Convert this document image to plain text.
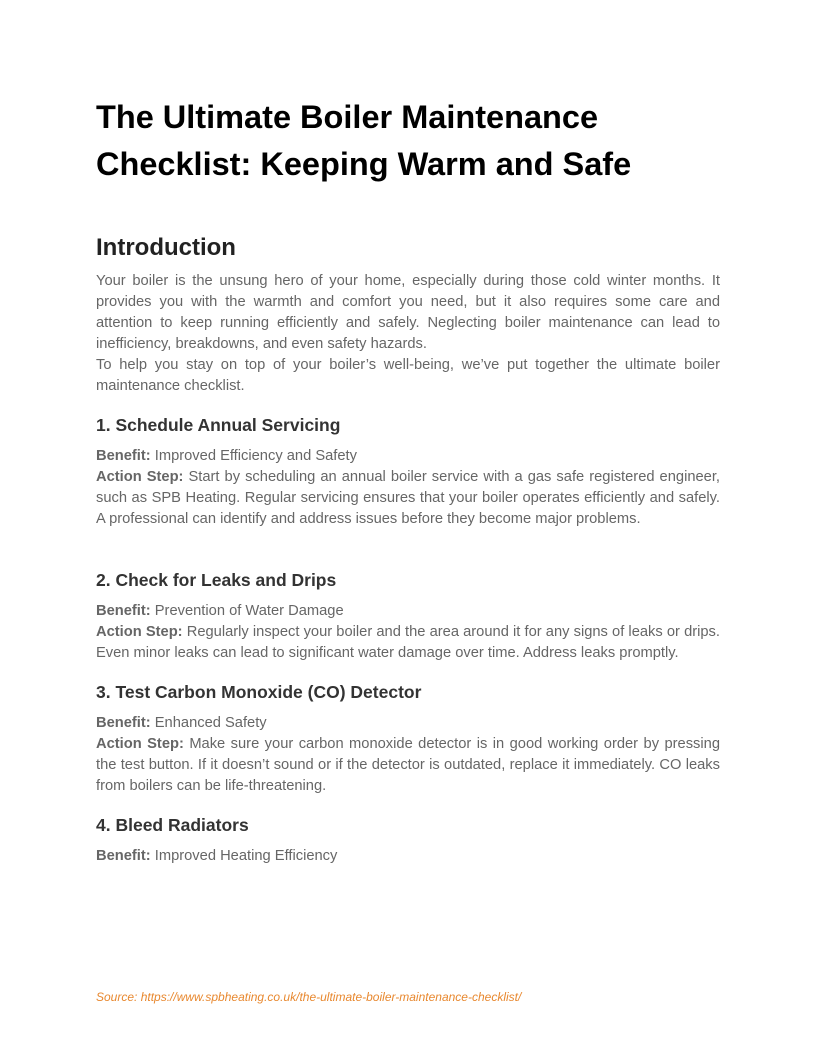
The Ultimate Boiler Maintenance Checklist: Keeping Warm and Safe
Introduction

Your boiler is the unsung hero of your home, especially during those cold winter months. It provides you with the warmth and comfort you need, but it also requires some care and attention to keep running efficiently and safely. Neglecting boiler maintenance can lead to inefficiency, breakdowns, and even safety hazards.

To help you stay on top of your boiler’s well-being, we’ve put together the ultimate boiler maintenance checklist.

1. Schedule Annual Servicing

Benefit: Improved Efficiency and Safety

Action Step: Start by scheduling an annual boiler service with a gas safe registered engineer, such as SPB Heating. Regular servicing ensures that your boiler operates efficiently and safely. A professional can identify and address issues before they become major problems.

2. Check for Leaks and Drips

Benefit: Prevention of Water Damage

Action Step: Regularly inspect your boiler and the area around it for any signs of leaks or drips. Even minor leaks can lead to significant water damage over time. Address leaks promptly.

3. Test Carbon Monoxide (CO) Detector

Benefit: Enhanced Safety

Action Step: Make sure your carbon monoxide detector is in good working order by pressing the test button. If it doesn’t sound or if the detector is outdated, replace it immediately. CO leaks from boilers can be life-threatening.

4. Bleed Radiators

Benefit: Improved Heating Efficiency

Source: https://www.spbheating.co.uk/the-ultimate-boiler-maintenance-checklist/
